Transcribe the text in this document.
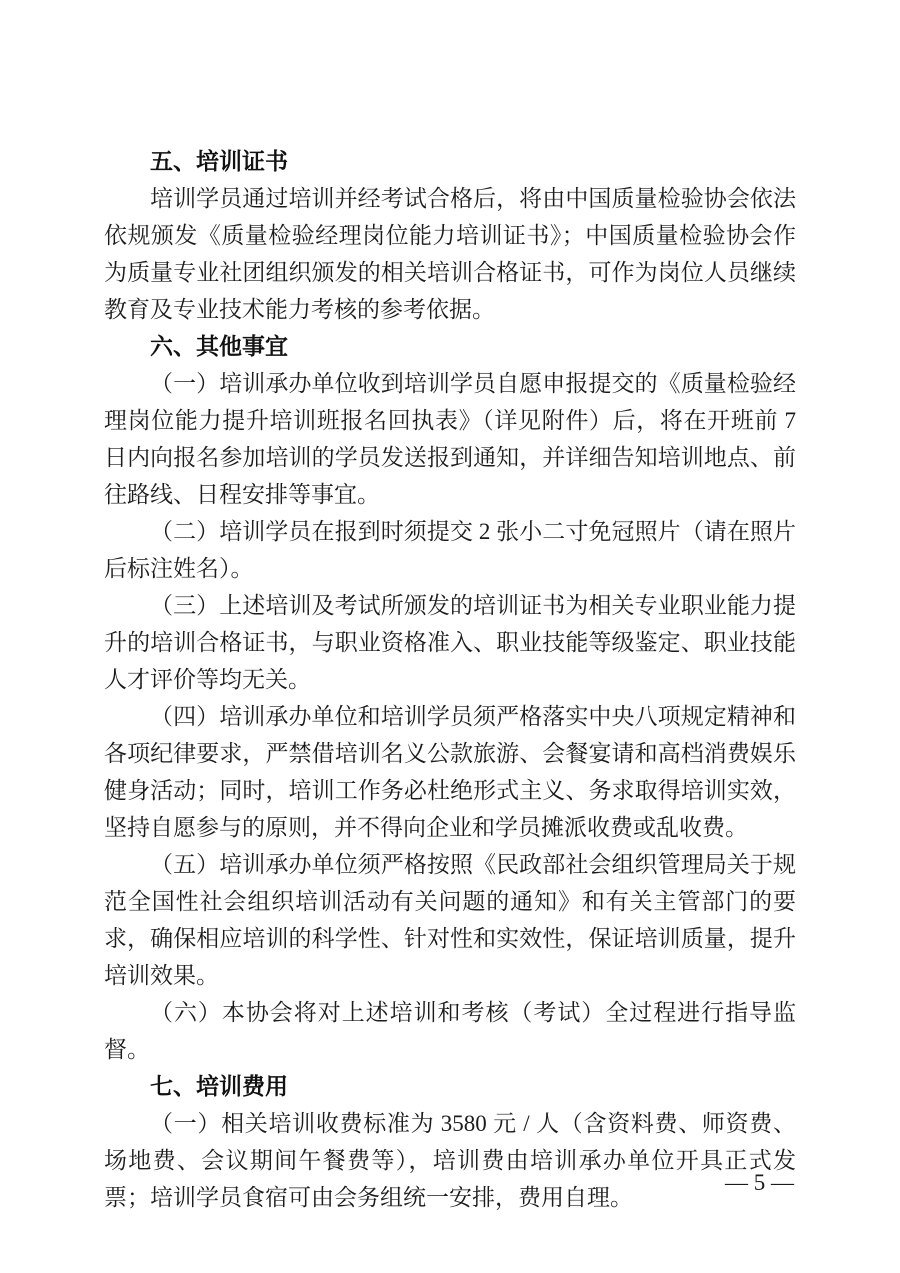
五、培训证书

培训学员通过培训并经考试合格后，将由中国质量检验协会依法依规颁发《质量检验经理岗位能力培训证书》；中国质量检验协会作为质量专业社团组织颁发的相关培训合格证书，可作为岗位人员继续教育及专业技术能力考核的参考依据。

六、其他事宜

（一）培训承办单位收到培训学员自愿申报提交的《质量检验经理岗位能力提升培训班报名回执表》（详见附件）后，将在开班前 7 日内向报名参加培训的学员发送报到通知，并详细告知培训地点、前往路线、日程安排等事宜。

（二）培训学员在报到时须提交 2 张小二寸免冠照片（请在照片后标注姓名）。

（三）上述培训及考试所颁发的培训证书为相关专业职业能力提升的培训合格证书，与职业资格准入、职业技能等级鉴定、职业技能人才评价等均无关。

（四）培训承办单位和培训学员须严格落实中央八项规定精神和各项纪律要求，严禁借培训名义公款旅游、会餐宴请和高档消费娱乐健身活动；同时，培训工作务必杜绝形式主义、务求取得培训实效，坚持自愿参与的原则，并不得向企业和学员摊派收费或乱收费。

（五）培训承办单位须严格按照《民政部社会组织管理局关于规范全国性社会组织培训活动有关问题的通知》和有关主管部门的要求，确保相应培训的科学性、针对性和实效性，保证培训质量，提升培训效果。

（六）本协会将对上述培训和考核（考试）全过程进行指导监督。

七、培训费用

（一）相关培训收费标准为 3580 元 / 人（含资料费、师资费、场地费、会议期间午餐费等），培训费由培训承办单位开具正式发票；培训学员食宿可由会务组统一安排，费用自理。

— 5 —
